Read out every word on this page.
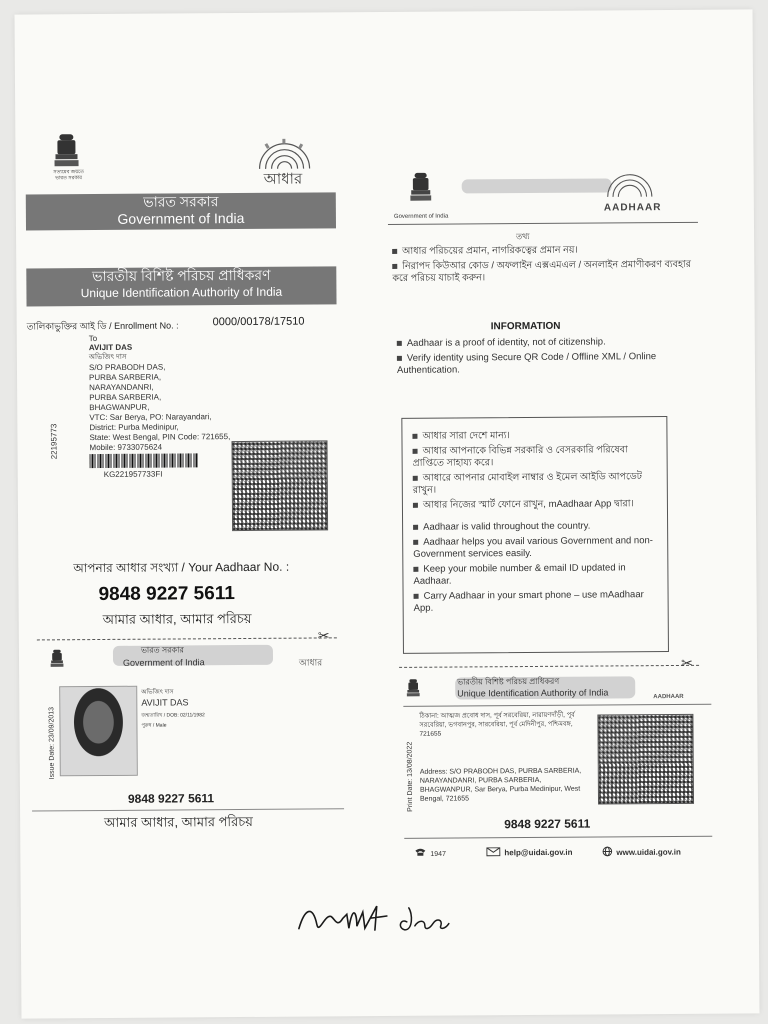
সত্যমেব জয়তে
ভারত সরকার	আধার
ভারত সরকার
Government of India
ভারতীয় বিশিষ্ট পরিচয় প্রাধিকরণ
Unique Identification Authority of India
তালিকাভুক্তির আই ডি / Enrollment No. :	0000/00178/17510
To
AVIJIT DAS
অভিজিৎ দাস
S/O PRABODH DAS,
PURBA SARBERIA,
NARAYANDANRI,
PURBA SARBERIA,
BHAGWANPUR,
VTC: Sar Berya, PO: Narayandari,
District: Purba Medinipur,
State: West Bengal, PIN Code: 721655,
Mobile: 9733075624
22195773
KG221957733FI
আপনার আধার সংখ্যা / Your Aadhaar No. :
9848 9227 5611
আমার আধার, আমার পরিচয়
✂
ভারত সরকার
Government of India	আধার
Issue Date: 23/09/2013
অভিজিৎ দাস
AVIJIT DAS
জন্মতারিখ / DOB: 02/11/1982
পুরুষ / Male
9848 9227 5611
আমার আধার, আমার পরিচয়
Government of India
AADHAAR
তথ্য
আধার পরিচয়ের প্রমান, নাগরিকত্বের প্রমান নয়।
নিরাপদ কিউআর কোড / অফলাইন এক্সএমএল / অনলাইন প্রমাণীকরণ ব্যবহার করে পরিচয় যাচাই করুন।
INFORMATION
Aadhaar is a proof of identity, not of citizenship.
Verify identity using Secure QR Code / Offline XML / Online Authentication.
আধার সারা দেশে মান্য।
আধার আপনাকে বিভিন্ন সরকারি ও বেসরকারি পরিষেবা প্রাপ্তিতে সাহায্য করে।
আধারে আপনার মোবাইল নাম্বার ও ইমেল আইডি আপডেট রাখুন।
আধার নিজের স্মার্ট ফোনে রাখুন, mAadhaar App দ্বারা।
Aadhaar is valid throughout the country.
Aadhaar helps you avail various Government and non-Government services easily.
Keep your mobile number & email ID updated in Aadhaar.
Carry Aadhaar in your smart phone – use mAadhaar App.
✂
ভারতীয় বিশিষ্ট পরিচয় প্রাধিকরণ
Unique Identification Authority of India	AADHAAR
ঠিকানা: আত্মজ প্রবোধ দাস, পূর্ব সরবেরিয়া, নারায়ণদাঁড়ী, পূর্ব সরবেরিয়া, ভগবানপুর, সারবেরিয়া, পূর্ব মেদিনীপুর, পশ্চিমবঙ্গ, 721655
Print Date: 13/08/2022 Address: S/O PRABODH DAS, PURBA SARBERIA, NARAYANDANRI, PURBA SARBERIA, BHAGWANPUR, Sar Berya, Purba Medinipur, West Bengal, 721655
9848 9227 5611
1947	help@uidai.gov.in	www.uidai.gov.in
Avijit das
